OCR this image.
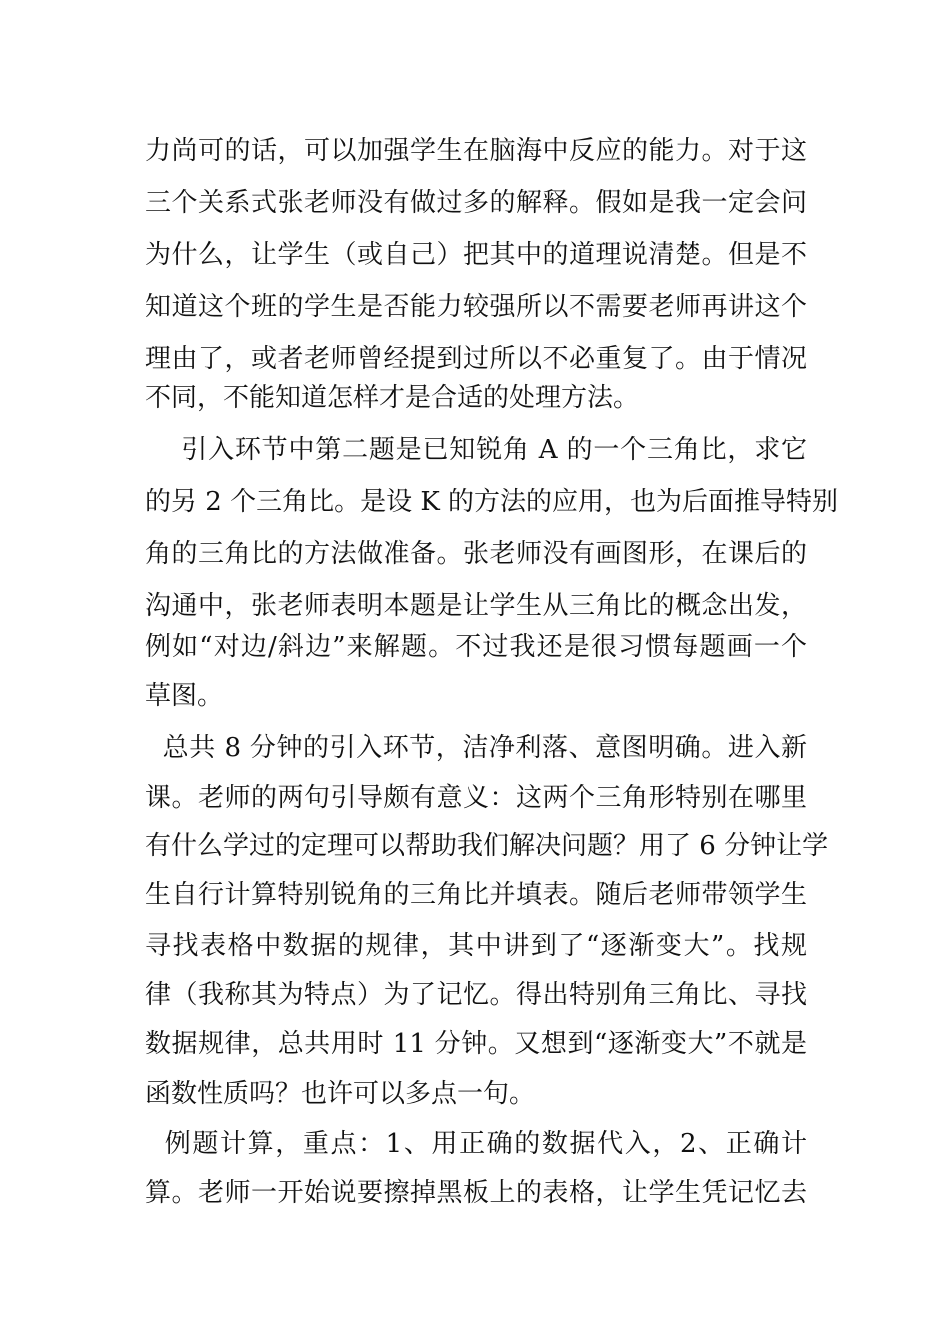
力尚可的话，可以加强学生在脑海中反应的能力。对于这
三个关系式张老师没有做过多的解释。假如是我一定会问
为什么，让学生（或自己）把其中的道理说清楚。但是不
知道这个班的学生是否能力较强所以不需要老师再讲这个
理由了，或者老师曾经提到过所以不必重复了。由于情况
不同，不能知道怎样才是合适的处理方法。
引入环节中第二题是已知锐角 A 的一个三角比，求它
的另 2 个三角比。是设 K 的方法的应用，也为后面推导特别
角的三角比的方法做准备。张老师没有画图形，在课后的
沟通中，张老师表明本题是让学生从三角比的概念出发，
例如“对边/斜边”来解题。不过我还是很习惯每题画一个
草图。
总共 8 分钟的引入环节，洁净利落、意图明确。进入新
课。老师的两句引导颇有意义：这两个三角形特别在哪里
有什么学过的定理可以帮助我们解决问题？用了 6 分钟让学
生自行计算特别锐角的三角比并填表。随后老师带领学生
寻找表格中数据的规律，其中讲到了“逐渐变大”。找规
律（我称其为特点）为了记忆。得出特别角三角比、寻找
数据规律，总共用时 11 分钟。又想到“逐渐变大”不就是
函数性质吗？也许可以多点一句。
例题计算，重点：1、用正确的数据代入，2、正确计
算。老师一开始说要擦掉黑板上的表格，让学生凭记忆去
